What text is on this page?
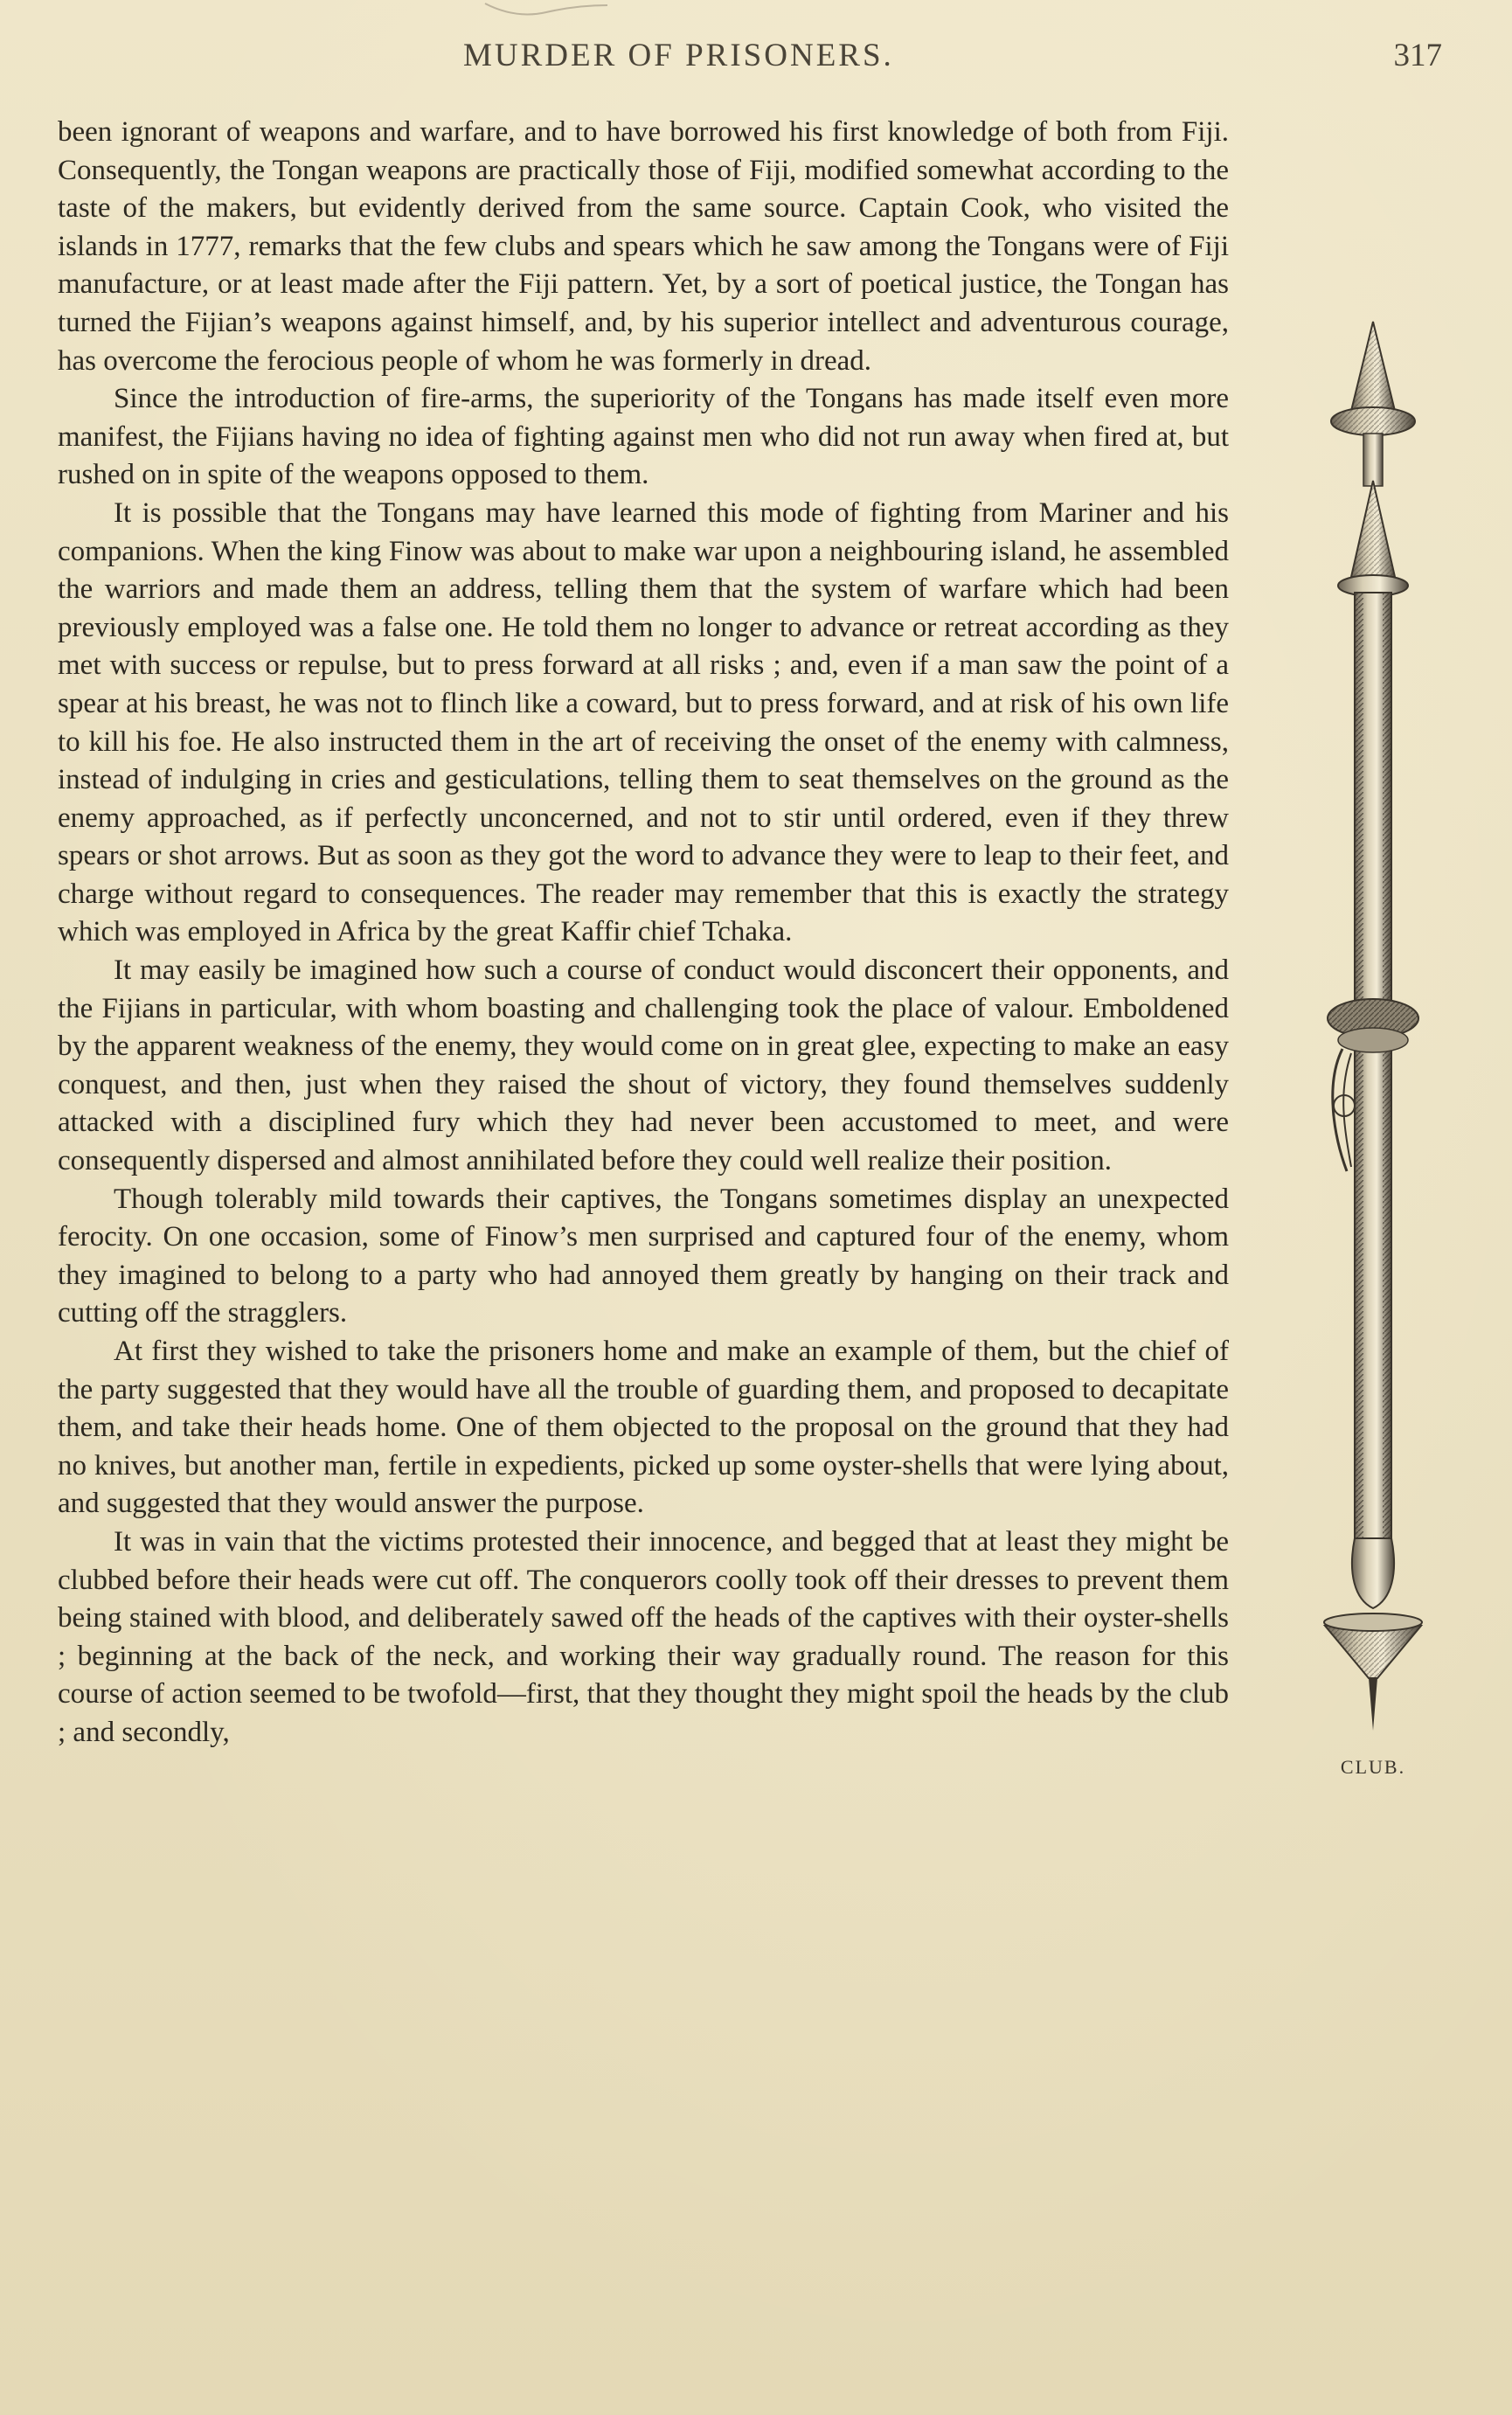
MURDER OF PRISONERS.	317
CLUB.

been ignorant of weapons and warfare, and to have borrowed his first knowledge of both from Fiji. Consequently, the Tongan weapons are practically those of Fiji, modified somewhat according to the taste of the makers, but evidently derived from the same source. Captain Cook, who visited the islands in 1777, remarks that the few clubs and spears which he saw among the Tongans were of Fiji manufacture, or at least made after the Fiji pattern. Yet, by a sort of poetical justice, the Tongan has turned the Fijian’s weapons against himself, and, by his superior intellect and adventurous courage, has overcome the ferocious people of whom he was formerly in dread.

Since the introduction of fire-arms, the superiority of the Tongans has made itself even more manifest, the Fijians having no idea of fighting against men who did not run away when fired at, but rushed on in spite of the weapons opposed to them.

It is possible that the Tongans may have learned this mode of fighting from Mariner and his companions. When the king Finow was about to make war upon a neighbouring island, he assembled the warriors and made them an address, telling them that the system of warfare which had been previously employed was a false one. He told them no longer to advance or retreat according as they met with success or repulse, but to press forward at all risks ; and, even if a man saw the point of a spear at his breast, he was not to flinch like a coward, but to press forward, and at risk of his own life to kill his foe. He also instructed them in the art of receiving the onset of the enemy with calmness, instead of indulging in cries and gesticulations, telling them to seat themselves on the ground as the enemy approached, as if perfectly unconcerned, and not to stir until ordered, even if they threw spears or shot arrows. But as soon as they got the word to advance they were to leap to their feet, and charge without regard to consequences. The reader may remember that this is exactly the strategy which was employed in Africa by the great Kaffir chief Tchaka.

It may easily be imagined how such a course of conduct would disconcert their opponents, and the Fijians in particular, with whom boasting and challenging took the place of valour. Emboldened by the apparent weakness of the enemy, they would come on in great glee, expecting to make an easy conquest, and then, just when they raised the shout of victory, they found themselves suddenly attacked with a disciplined fury which they had never been accustomed to meet, and were consequently dispersed and almost annihilated before they could well realize their position.

Though tolerably mild towards their captives, the Tongans sometimes display an unexpected ferocity. On one occasion, some of Finow’s men surprised and captured four of the enemy, whom they imagined to belong to a party who had annoyed them greatly by hanging on their track and cutting off the stragglers.

At first they wished to take the prisoners home and make an example of them, but the chief of the party suggested that they would have all the trouble of guarding them, and proposed to decapitate them, and take their heads home. One of them objected to the proposal on the ground that they had no knives, but another man, fertile in expedients, picked up some oyster-shells that were lying about, and suggested that they would answer the purpose.

It was in vain that the victims protested their innocence, and begged that at least they might be clubbed before their heads were cut off. The conquerors coolly took off their dresses to prevent them being stained with blood, and deliberately sawed off the heads of the captives with their oyster-shells ; beginning at the back of the neck, and working their way gradually round. The reason for this course of action seemed to be twofold—first, that they thought they might spoil the heads by the club ; and secondly,
